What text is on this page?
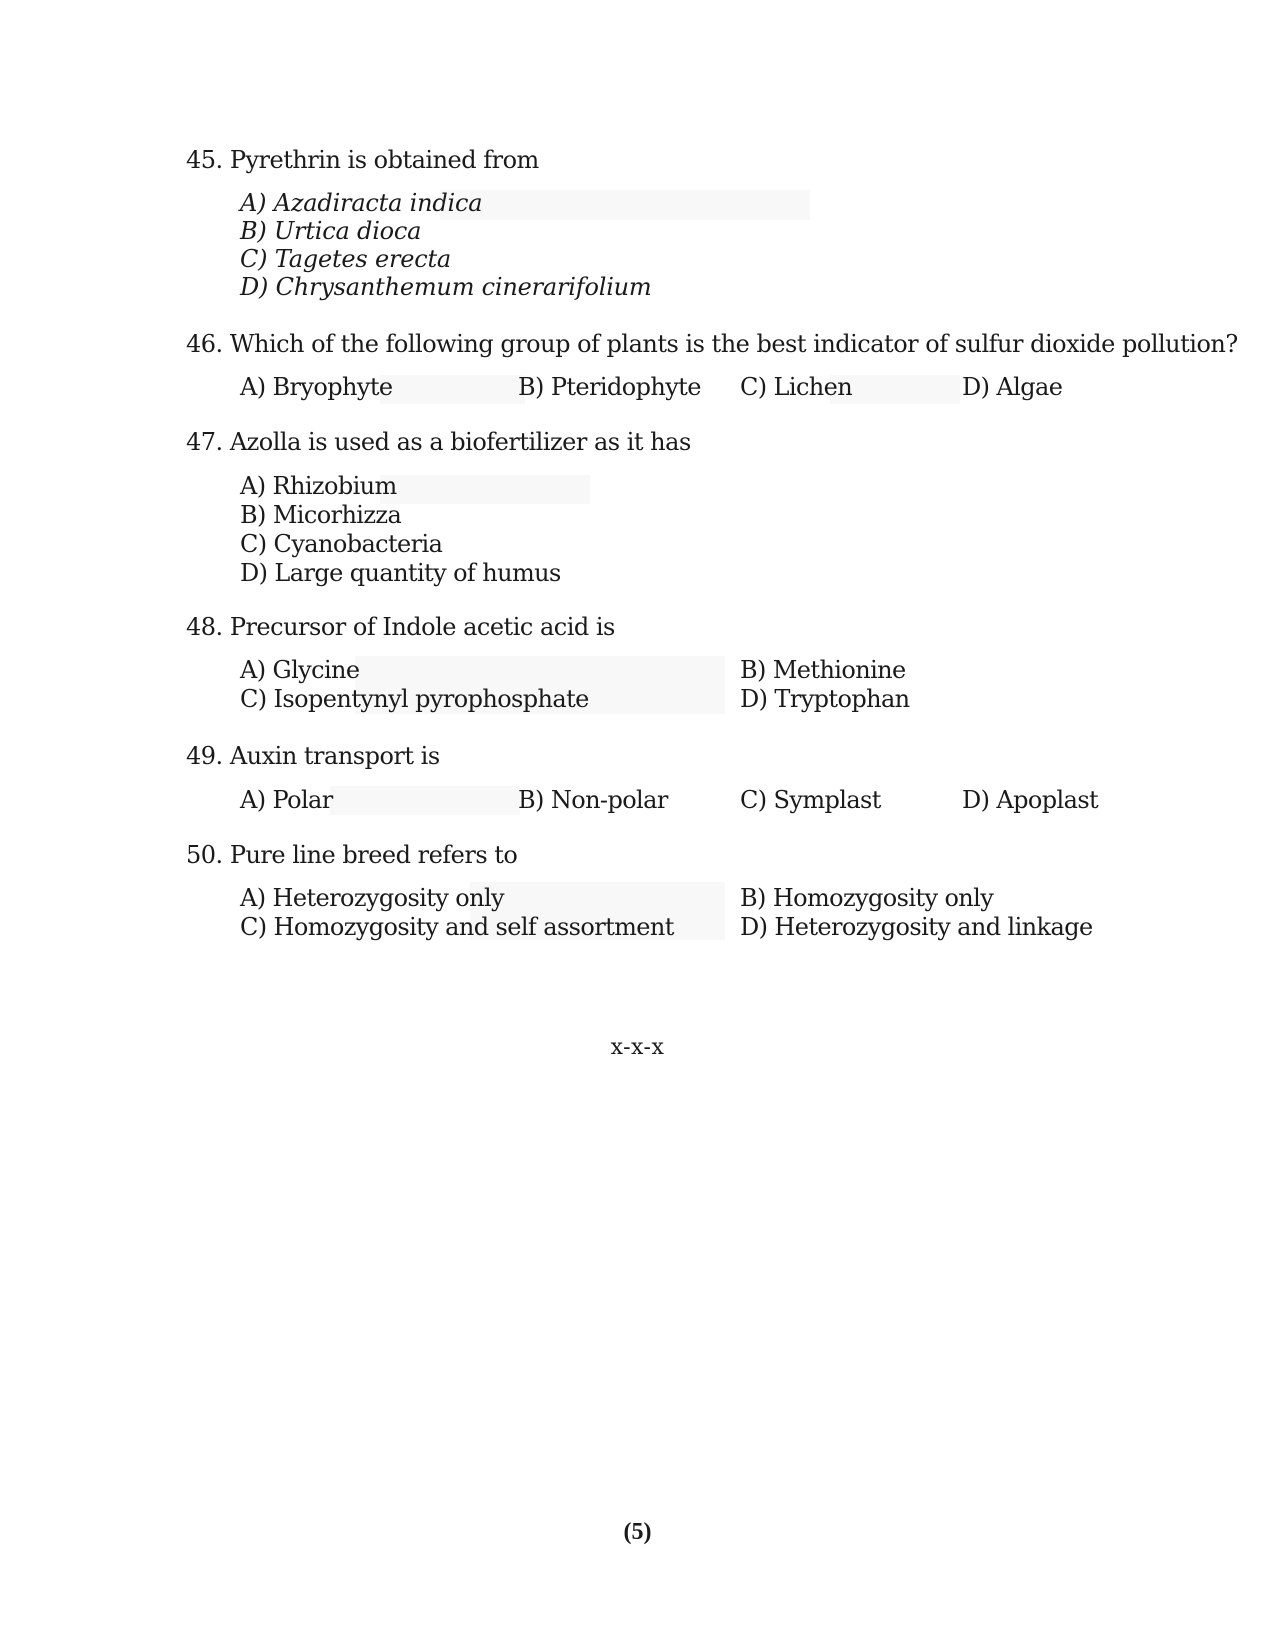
45. Pyrethrin is obtained from
A) Azadiracta indica
B) Urtica dioca
C) Tagetes erecta
D) Chrysanthemum cinerarifolium
46. Which of the following group of plants is the best indicator of sulfur dioxide pollution?
A) Bryophyte	B) Pteridophyte C) Lichen	D) Algae
47. Azolla is used as a biofertilizer as it has
A) Rhizobium
B) Micorhizza
C) Cyanobacteria
D) Large quantity of humus
48. Precursor of Indole acetic acid is
A) Glycine	B) Methionine
C) Isopentynyl pyrophosphate	D) Tryptophan
49. Auxin transport is
A) Polar	B) Non-polar	C) Symplast	D) Apoplast
50. Pure line breed refers to
A) Heterozygosity only	B) Homozygosity only
C) Homozygosity and self assortment	D) Heterozygosity and linkage
x-x-x
(5)
